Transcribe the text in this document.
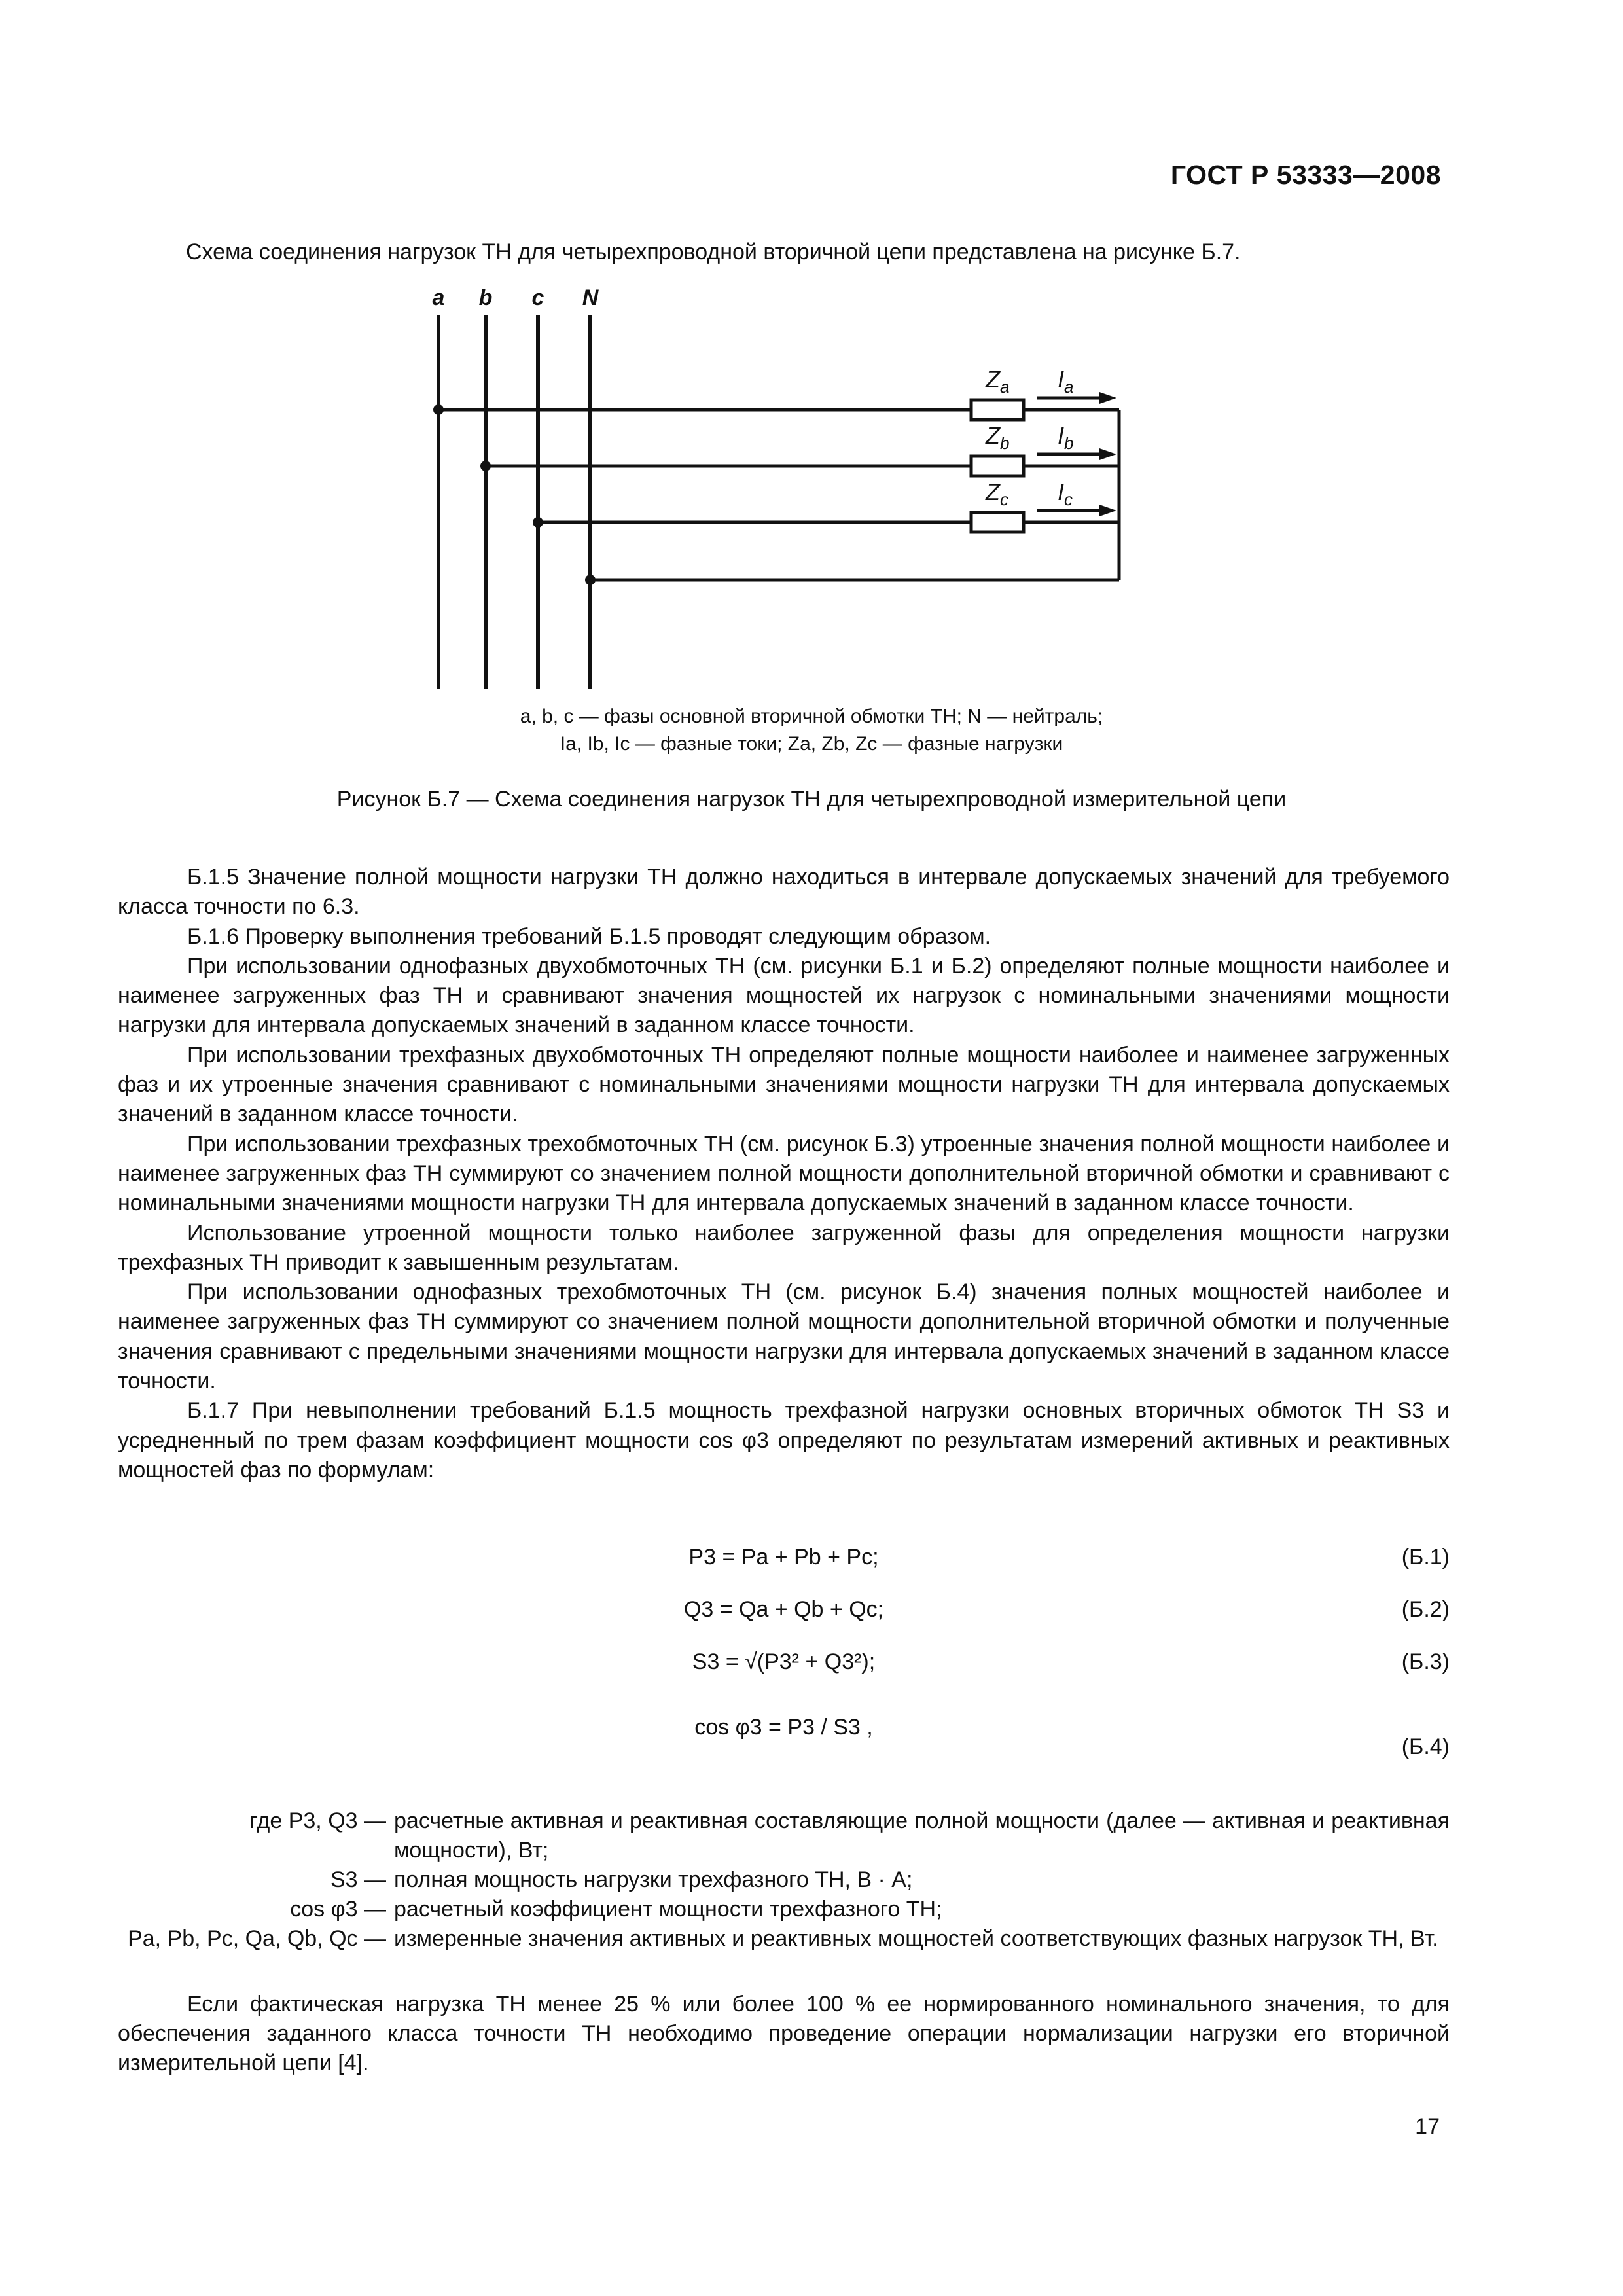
ГОСТ Р 53333—2008
Схема соединения нагрузок ТН для четырехпроводной вторичной цепи представлена на рисунке Б.7.
a b c N
$Z_a$
$Z_b$
$Z_c$
$I_a$
$I_b$
$I_c$
a, b, c — фазы основной вторичной обмотки ТН; N — нейтраль;
Ia, Ib, Ic — фазные токи; Za, Zb, Zc — фазные нагрузки
Рисунок Б.7 — Схема соединения нагрузок ТН для четырехпроводной измерительной цепи

Б.1.5 Значение полной мощности нагрузки ТН должно находиться в интервале допускаемых значений для требуемого класса точности по 6.3.

Б.1.6 Проверку выполнения требований Б.1.5 проводят следующим образом.

При использовании однофазных двухобмоточных ТН (см. рисунки Б.1 и Б.2) определяют полные мощности наиболее и наименее загруженных фаз ТН и сравнивают значения мощностей их нагрузок с номинальными значениями мощности нагрузки для интервала допускаемых значений в заданном классе точности.

При использовании трехфазных двухобмоточных ТН определяют полные мощности наиболее и наименее загруженных фаз и их утроенные значения сравнивают с номинальными значениями мощности нагрузки ТН для интервала допускаемых значений в заданном классе точности.

При использовании трехфазных трехобмоточных ТН (см. рисунок Б.3) утроенные значения полной мощности наиболее и наименее загруженных фаз ТН суммируют со значением полной мощности дополнительной вторичной обмотки и сравнивают с номинальными значениями мощности нагрузки ТН для интервала допускаемых значений в заданном классе точности.

Использование утроенной мощности только наиболее загруженной фазы для определения мощности нагрузки трехфазных ТН приводит к завышенным результатам.

При использовании однофазных трехобмоточных ТН (см. рисунок Б.4) значения полных мощностей наиболее и наименее загруженных фаз ТН суммируют со значением полной мощности дополнительной вторичной обмотки и полученные значения сравнивают с предельными значениями мощности нагрузки для интервала допускаемых значений в заданном классе точности.

Б.1.7 При невыполнении требований Б.1.5 мощность трехфазной нагрузки основных вторичных обмоток ТН S3 и усредненный по трем фазам коэффициент мощности cos φ3 определяют по результатам измерений активных и реактивных мощностей фаз по формулам:

P3 = Pa + Pb + Pc;	(Б.1)
Q3 = Qa + Qb + Qc;	(Б.2)
S3 = √(P3² + Q3²);	(Б.3)
cos φ3 = P3 / S3 ,
(Б.4)
где P3, Q3 — расчетные активная и реактивная составляющие полной мощности (далее — активная и реактивная мощности), Вт;
S3 — полная мощность нагрузки трехфазного ТН, В · А;
cos φ3 — расчетный коэффициент мощности трехфазного ТН;
Pa, Pb, Pc, Qa, Qb, Qc — измеренные значения активных и реактивных мощностей соответствующих фазных нагрузок ТН, Вт.

Если фактическая нагрузка ТН менее 25 % или более 100 % ее нормированного номинального значения, то для обеспечения заданного класса точности ТН необходимо проведение операции нормализации нагрузки его вторичной измерительной цепи [4].

17
